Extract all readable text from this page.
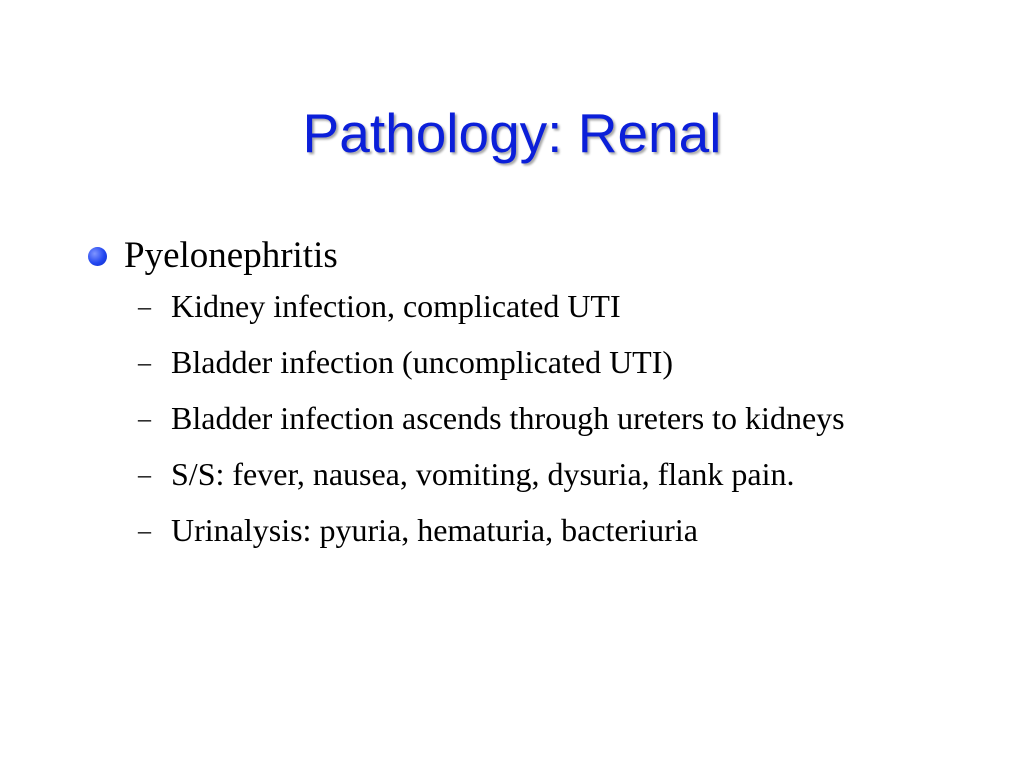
Pathology: Renal
Pyelonephritis
– Kidney infection, complicated UTI
– Bladder infection (uncomplicated UTI)
– Bladder infection ascends through ureters to kidneys
– S/S: fever, nausea, vomiting, dysuria, flank pain.
– Urinalysis: pyuria, hematuria, bacteriuria
